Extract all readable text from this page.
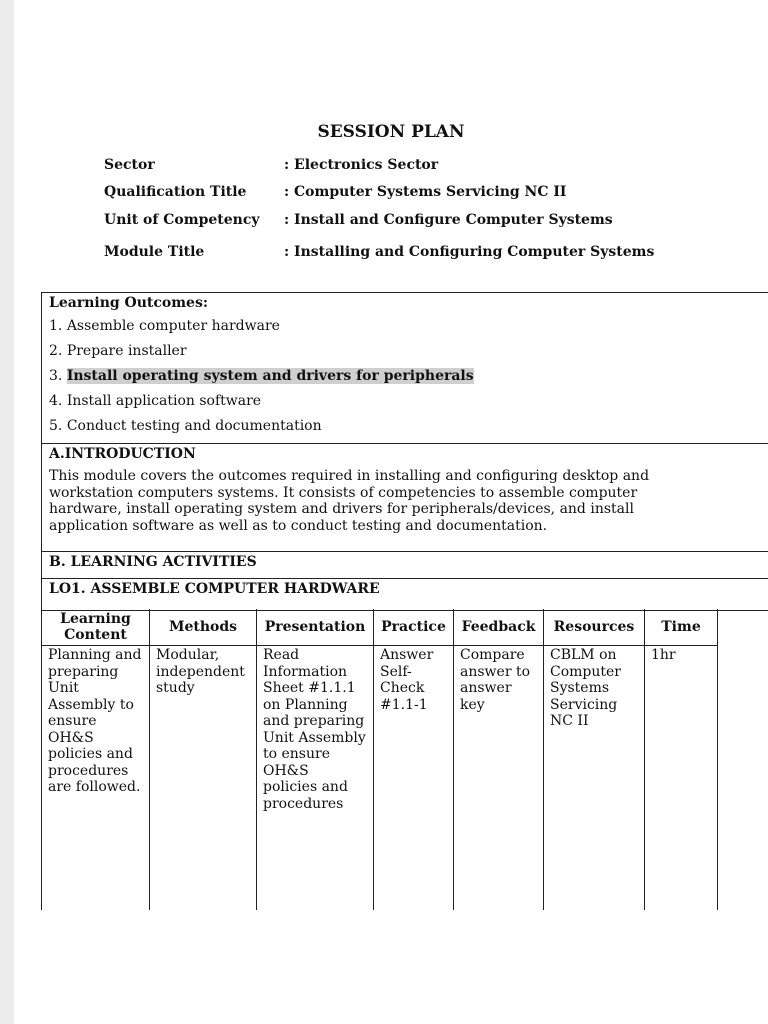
SESSION PLAN
Sector	: Electronics Sector
Qualification Title	: Computer Systems Servicing NC II
Unit of Competency : Install and Configure Computer Systems
Module Title	: Installing and Configuring Computer Systems
Learning Outcomes:
1. Assemble computer hardware
2. Prepare installer
3. Install operating system and drivers for peripherals
4. Install application software
5. Conduct testing and documentation
A.INTRODUCTION
This module covers the outcomes required in installing and configuring desktop and workstation computers systems. It consists of competencies to assemble computer hardware, install operating system and drivers for peripherals/devices, and install application software as well as to conduct testing and documentation.
B. LEARNING ACTIVITIES
LO1. ASSEMBLE COMPUTER HARDWARE
Learning Content	Methods	Presentation	Practice	Feedback	Resources	Time
Planning and preparing Unit Assembly to ensure OH&S policies and procedures are followed.	Modular, independent study	Read Information Sheet #1.1.1 on Planning and preparing Unit Assembly to ensure OH&S policies and procedures	Answer Self-Check #1.1-1	Compare answer to answer key	CBLM on Computer Systems Servicing NC II	1hr
